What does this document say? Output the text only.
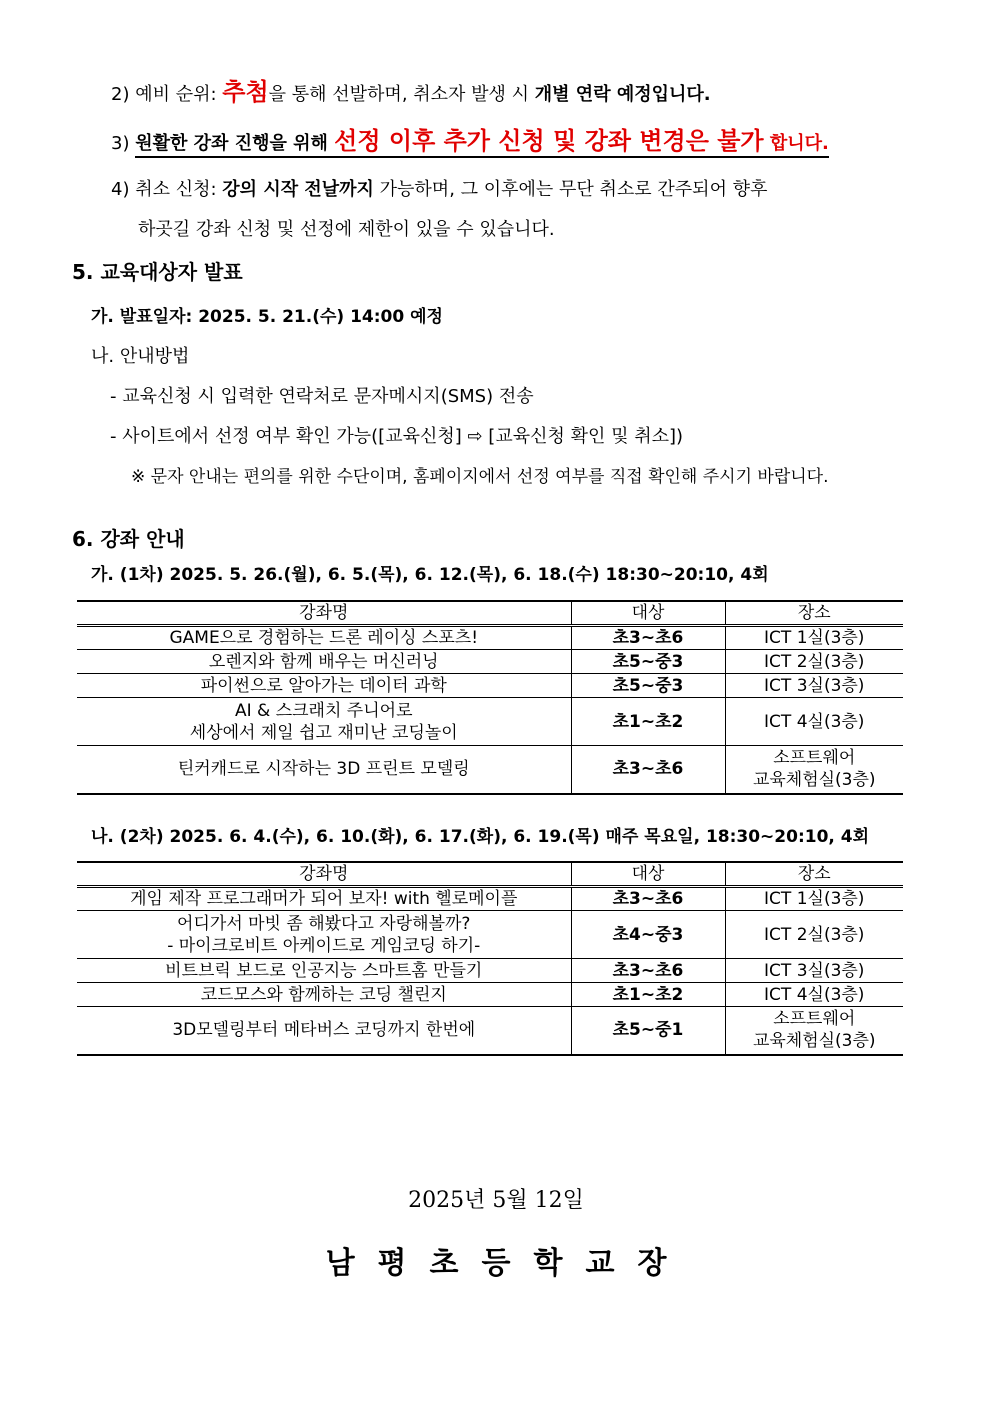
2) 예비 순위: 추첨을 통해 선발하며, 취소자 발생 시 개별 연락 예정입니다.
3) 원활한 강좌 진행을 위해 선정 이후 추가 신청 및 강좌 변경은 불가 합니다.
4) 취소 신청: 강의 시작 전날까지 가능하며, 그 이후에는 무단 취소로 간주되어 향후
하곳길 강좌 신청 및 선정에 제한이 있을 수 있습니다.
5. 교육대상자 발표
가. 발표일자: 2025. 5. 21.(수) 14:00 예정
나. 안내방법
- 교육신청 시 입력한 연락처로 문자메시지(SMS) 전송
- 사이트에서 선정 여부 확인 가능([교육신청] ⇨ [교육신청 확인 및 취소])
※ 문자 안내는 편의를 위한 수단이며, 홈페이지에서 선정 여부를 직접 확인해 주시기 바랍니다.
6. 강좌 안내
가. (1차) 2025. 5. 26.(월), 6. 5.(목), 6. 12.(목), 6. 18.(수) 18:30~20:10, 4회
강좌명	대상	장소

GAME으로 경험하는 드론 레이싱 스포츠!	초3~초6	ICT 1실(3층)

오렌지와 함께 배우는 머신러닝	초5~중3	ICT 2실(3층)

파이썬으로 알아가는 데이터 과학	초5~중3	ICT 3실(3층)

AI & 스크래치 주니어로
세상에서 제일 쉽고 재미난 코딩놀이	초1~초2	ICT 4실(3층)

틴커캐드로 시작하는 3D 프린트 모델링	초3~초6	소프트웨어
교육체험실(3층)
나. (2차) 2025. 6. 4.(수), 6. 10.(화), 6. 17.(화), 6. 19.(목) 매주 목요일, 18:30~20:10, 4회
강좌명	대상	장소

게임 제작 프로그래머가 되어 보자! with 헬로메이플	초3~초6	ICT 1실(3층)

어디가서 마빗 좀 해봤다고 자랑해볼까?
- 마이크로비트 아케이드로 게임코딩 하기-	초4~중3	ICT 2실(3층)

비트브릭 보드로 인공지능 스마트홈 만들기	초3~초6	ICT 3실(3층)

코드모스와 함께하는 코딩 챌린지	초1~초2	ICT 4실(3층)

3D모델링부터 메타버스 코딩까지 한번에	초5~중1	소프트웨어
교육체험실(3층)
2025년 5월 12일
남평초등학교장
